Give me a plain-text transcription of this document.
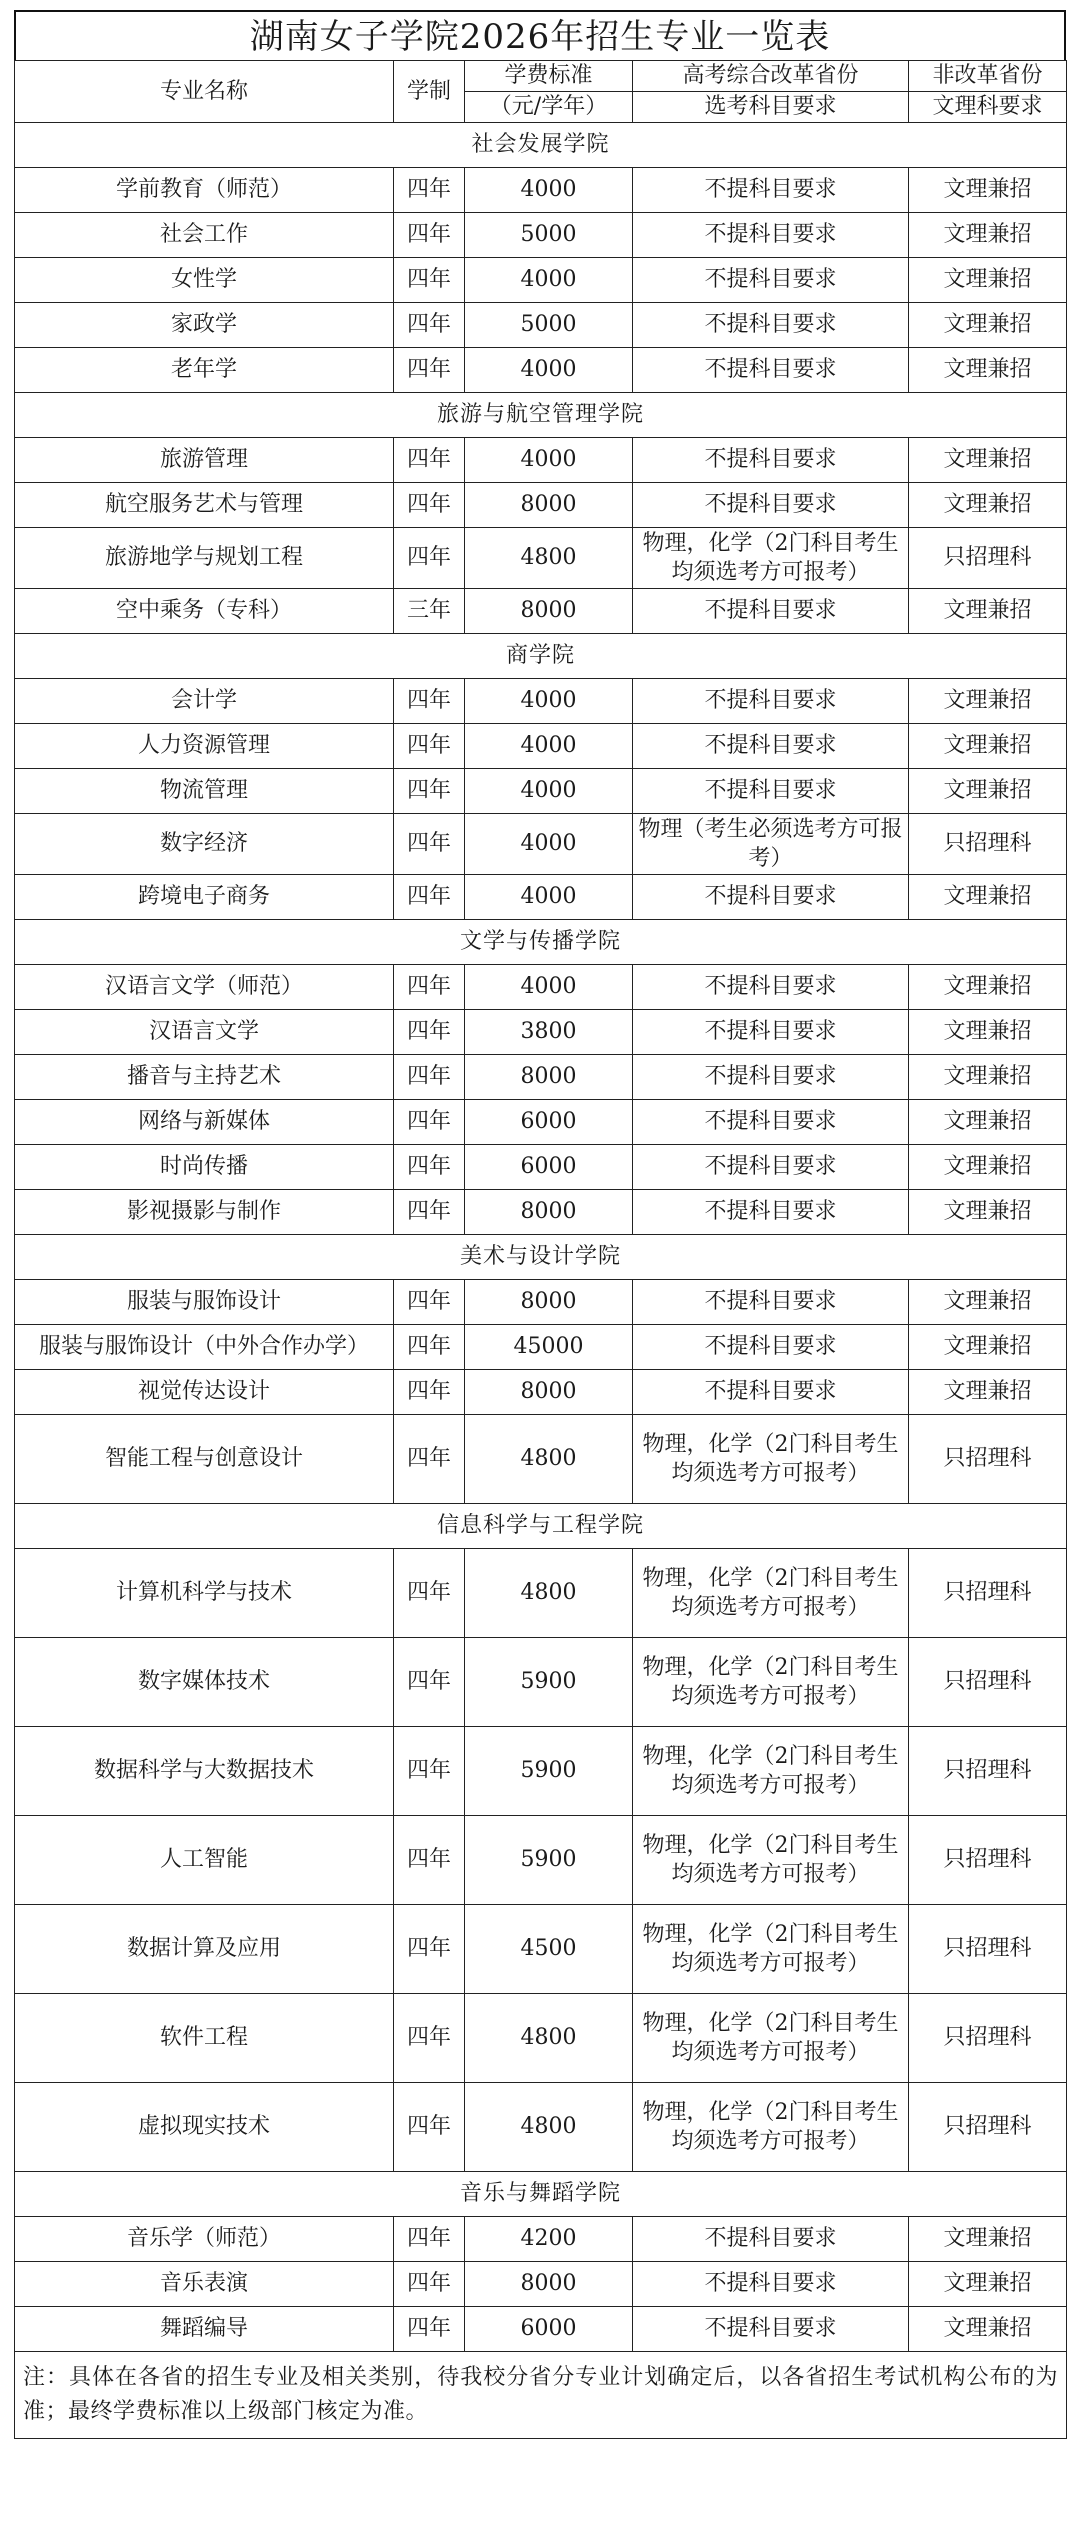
湖南女子学院2026年招生专业一览表
专业名称	学制	学费标准	高考综合改革省份	非改革省份
		（元/学年）	选考科目要求	文理科要求
社会发展学院				
学前教育（师范）	四年	4000	不提科目要求	文理兼招
社会工作	四年	5000	不提科目要求	文理兼招
女性学	四年	4000	不提科目要求	文理兼招
家政学	四年	5000	不提科目要求	文理兼招
老年学	四年	4000	不提科目要求	文理兼招
旅游与航空管理学院				
旅游管理	四年	4000	不提科目要求	文理兼招
航空服务艺术与管理	四年	8000	不提科目要求	文理兼招
旅游地学与规划工程	四年	4800	物理，化学（2门科目考生均须选考方可报考）	只招理科
空中乘务（专科）	三年	8000	不提科目要求	文理兼招
商学院				
会计学	四年	4000	不提科目要求	文理兼招
人力资源管理	四年	4000	不提科目要求	文理兼招
物流管理	四年	4000	不提科目要求	文理兼招
数字经济	四年	4000	物理（考生必须选考方可报考）	只招理科
跨境电子商务	四年	4000	不提科目要求	文理兼招
文学与传播学院				
汉语言文学（师范）	四年	4000	不提科目要求	文理兼招
汉语言文学	四年	3800	不提科目要求	文理兼招
播音与主持艺术	四年	8000	不提科目要求	文理兼招
网络与新媒体	四年	6000	不提科目要求	文理兼招
时尚传播	四年	6000	不提科目要求	文理兼招
影视摄影与制作	四年	8000	不提科目要求	文理兼招
美术与设计学院				
服装与服饰设计	四年	8000	不提科目要求	文理兼招
服装与服饰设计（中外合作办学）	四年	45000	不提科目要求	文理兼招
视觉传达设计	四年	8000	不提科目要求	文理兼招
智能工程与创意设计	四年	4800	物理，化学（2门科目考生均须选考方可报考）	只招理科
信息科学与工程学院				
计算机科学与技术	四年	4800	物理，化学（2门科目考生均须选考方可报考）	只招理科
数字媒体技术	四年	5900	物理，化学（2门科目考生均须选考方可报考）	只招理科
数据科学与大数据技术	四年	5900	物理，化学（2门科目考生均须选考方可报考）	只招理科
人工智能	四年	5900	物理，化学（2门科目考生均须选考方可报考）	只招理科
数据计算及应用	四年	4500	物理，化学（2门科目考生均须选考方可报考）	只招理科
软件工程	四年	4800	物理，化学（2门科目考生均须选考方可报考）	只招理科
虚拟现实技术	四年	4800	物理，化学（2门科目考生均须选考方可报考）	只招理科
音乐与舞蹈学院				
音乐学（师范）	四年	4200	不提科目要求	文理兼招
音乐表演	四年	8000	不提科目要求	文理兼招
舞蹈编导	四年	6000	不提科目要求	文理兼招
注：具体在各省的招生专业及相关类别，待我校分省分专业计划确定后，以各省招生考试机构公布的为准；最终学费标准以上级部门核定为准。				
